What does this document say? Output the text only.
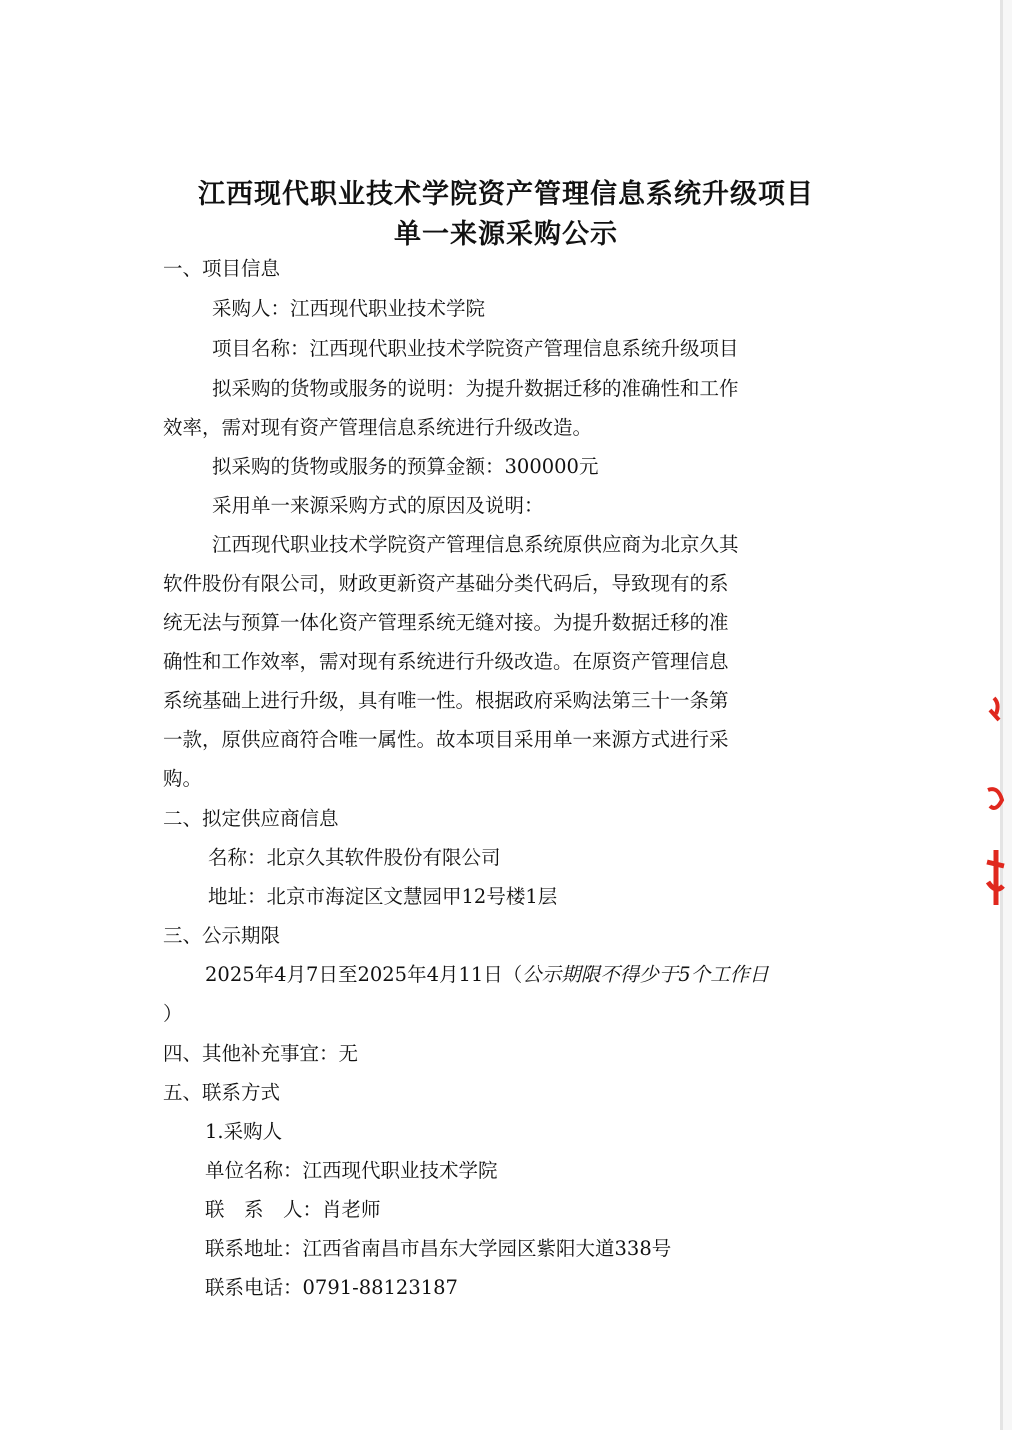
江西现代职业技术学院资产管理信息系统升级项目
单一来源采购公示
一、项目信息
采购人：江西现代职业技术学院
项目名称：江西现代职业技术学院资产管理信息系统升级项目
拟采购的货物或服务的说明：为提升数据迁移的准确性和工作
效率，需对现有资产管理信息系统进行升级改造。
拟采购的货物或服务的预算金额：300000元
采用单一来源采购方式的原因及说明：
江西现代职业技术学院资产管理信息系统原供应商为北京久其
软件股份有限公司，财政更新资产基础分类代码后，导致现有的系
统无法与预算一体化资产管理系统无缝对接。为提升数据迁移的准
确性和工作效率，需对现有系统进行升级改造。在原资产管理信息
系统基础上进行升级，具有唯一性。根据政府采购法第三十一条第
一款，原供应商符合唯一属性。故本项目采用单一来源方式进行采
购。
二、拟定供应商信息
名称：北京久其软件股份有限公司
地址：北京市海淀区文慧园甲12号楼1层
三、公示期限
2025年4月7日至2025年4月11日（公示期限不得少于5个工作日
）
四、其他补充事宜：无
五、联系方式
1.采购人
单位名称：江西现代职业技术学院
联　系　人：肖老师
联系地址：江西省南昌市昌东大学园区紫阳大道338号
联系电话：0791-88123187
